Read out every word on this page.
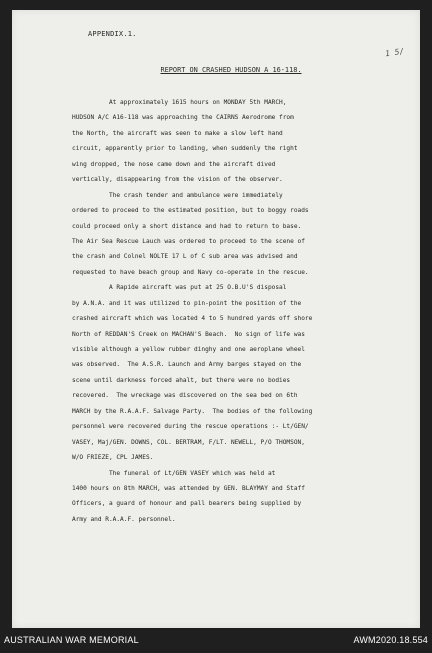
APPENDIX.1.
1 5/
REPORT ON CRASHED HUDSON A 16-118.
At approximately 1615 hours on MONDAY 5th MARCH,
HUDSON A/C A16-118 was approaching the CAIRNS Aerodrome from
the North, the aircraft was seen to make a slow left hand
circuit, apparently prior to landing, when suddenly the right
wing dropped, the nose came down and the aircraft dived
vertically, disappearing from the vision of the observer.
The crash tender and ambulance were immediately
ordered to proceed to the estimated position, but to boggy roads
could proceed only a short distance and had to return to base.
The Air Sea Rescue Lauch was ordered to proceed to the scene of
the crash and Colnel NOLTE 17 L of C sub area was advised and
requested to have beach group and Navy co-operate in the rescue.
A Rapide aircraft was put at 25 O.B.U'S disposal
by A.N.A. and it was utilized to pin-point the position of the
crashed aircraft which was located 4 to 5 hundred yards off shore
North of REDDAN'S Creek on MACHAN'S Beach.  No sign of life was
visible although a yellow rubber dinghy and one aeroplane wheel
was observed.  The A.S.R. Launch and Army barges stayed on the
scene until darkness forced ahalt, but there were no bodies
recovered.  The wreckage was discovered on the sea bed on 6th
MARCH by the R.A.A.F. Salvage Party.  The bodies of the following
personnel were recovered during the rescue operations :- Lt/GEN/
VASEY, Maj/GEN. DOWNS, COL. BERTRAM, F/LT. NEWELL, P/O THOMSON,
W/O FRIEZE, CPL JAMES.
The funeral of Lt/GEN VASEY which was held at
1400 hours on 8th MARCH, was attended by GEN. BLAYMAY and Staff
Officers, a guard of honour and pall bearers being supplied by
Army and R.A.A.F. personnel.
AUSTRALIAN WAR MEMORIAL	AWM2020.18.554
